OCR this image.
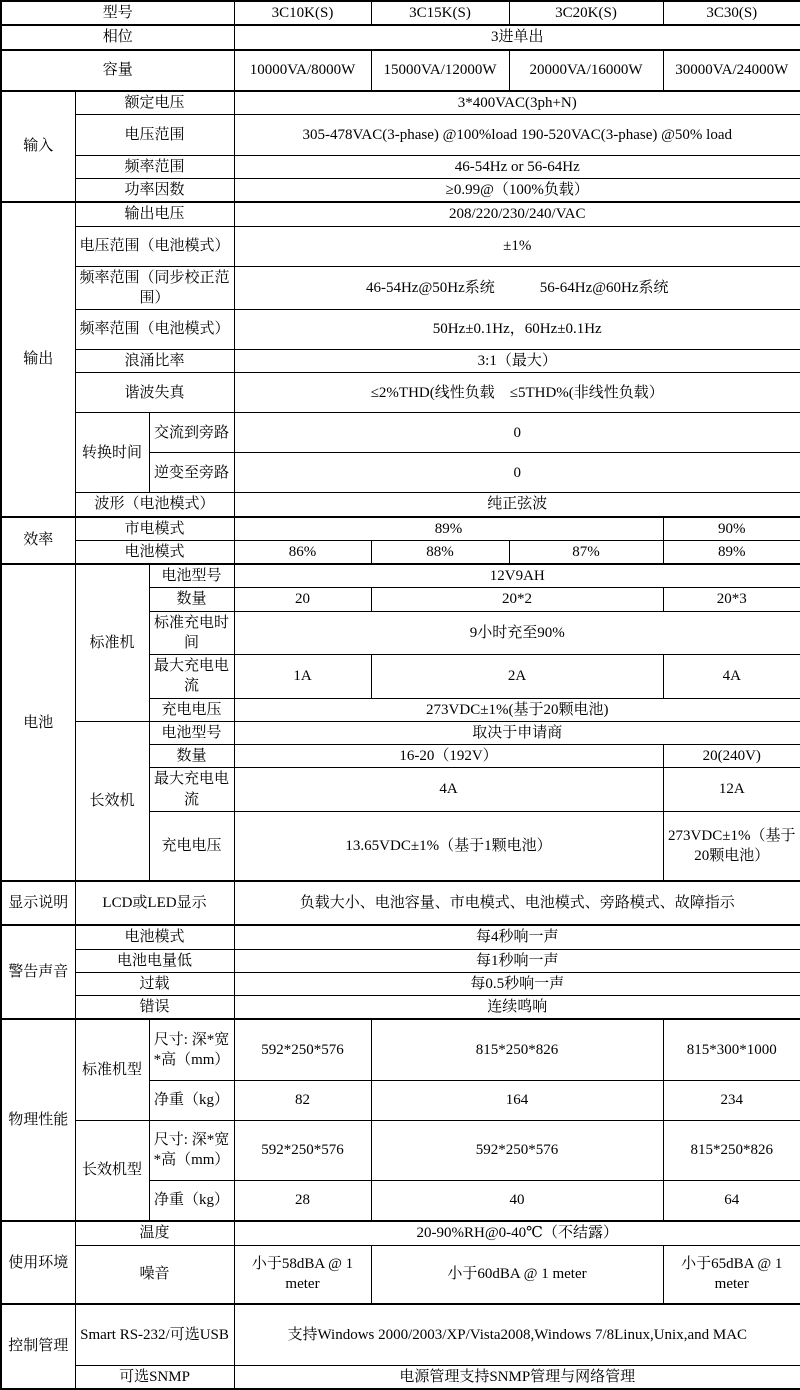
型号			3C10K(S)	3C15K(S)	3C20K(S)	3C30(S)
相位			3进单出			
容量			10000VA/8000W	15000VA/12000W	20000VA/16000W	30000VA/24000W
输入	额定电压		3*400VAC(3ph+N)			
	电压范围		305-478VAC(3-phase) @100%load 190-520VAC(3-phase) @50% load			
	频率范围		46-54Hz or 56-64Hz			
	功率因数		≥0.99@（100%负载）			
输出	输出电压		208/220/230/240/VAC			
	电压范围（电池模式）		±1%			
	频率范围（同步校正范围）		46-54Hz@50Hz系统　　　56-64Hz@60Hz系统			
	频率范围（电池模式）		50Hz±0.1Hz，60Hz±0.1Hz			
	浪涌比率		3:1（最大）			
	谐波失真		≤2%THD(线性负载　≤5THD%(非线性负载）			
	转换时间	交流到旁路	0			
		逆变至旁路	0			
	波形（电池模式）		纯正弦波			
效率	市电模式		89%			90%
	电池模式		86%	88%	87%	89%
电池	标准机	电池型号	12V9AH			
		数量	20	20*2		20*3
		标准充电时间	9小时充至90%			
		最大充电电流	1A	2A		4A
		充电电压	273VDC±1%(基于20颗电池)			
	长效机	电池型号	取决于申请商			
		数量	16-20（192V）			20(240V)
		最大充电电流	4A			12A
		充电电压	13.65VDC±1%（基于1颗电池）			273VDC±1%（基于20颗电池）
显示说明	LCD或LED显示		负载大小、电池容量、市电模式、电池模式、旁路模式、故障指示			
警告声音	电池模式		每4秒响一声			
	电池电量低		每1秒响一声			
	过载		每0.5秒响一声			
	错误		连续鸣响			
物理性能	标准机型	尺寸: 深*宽*高（mm）	592*250*576	815*250*826		815*300*1000
		净重（kg）	82	164		234
	长效机型	尺寸: 深*宽*高（mm）	592*250*576	592*250*576		815*250*826
		净重（kg）	28	40		64
使用环境	温度		20-90%RH@0-40℃（不结露）			
	噪音		小于58dBA @ 1 meter	小于60dBA @ 1 meter		小于65dBA @ 1 meter
控制管理	Smart RS-232/可选USB		支持Windows 2000/2003/XP/Vista2008,Windows 7/8Linux,Unix,and MAC			
	可选SNMP		电源管理支持SNMP管理与网络管理			
